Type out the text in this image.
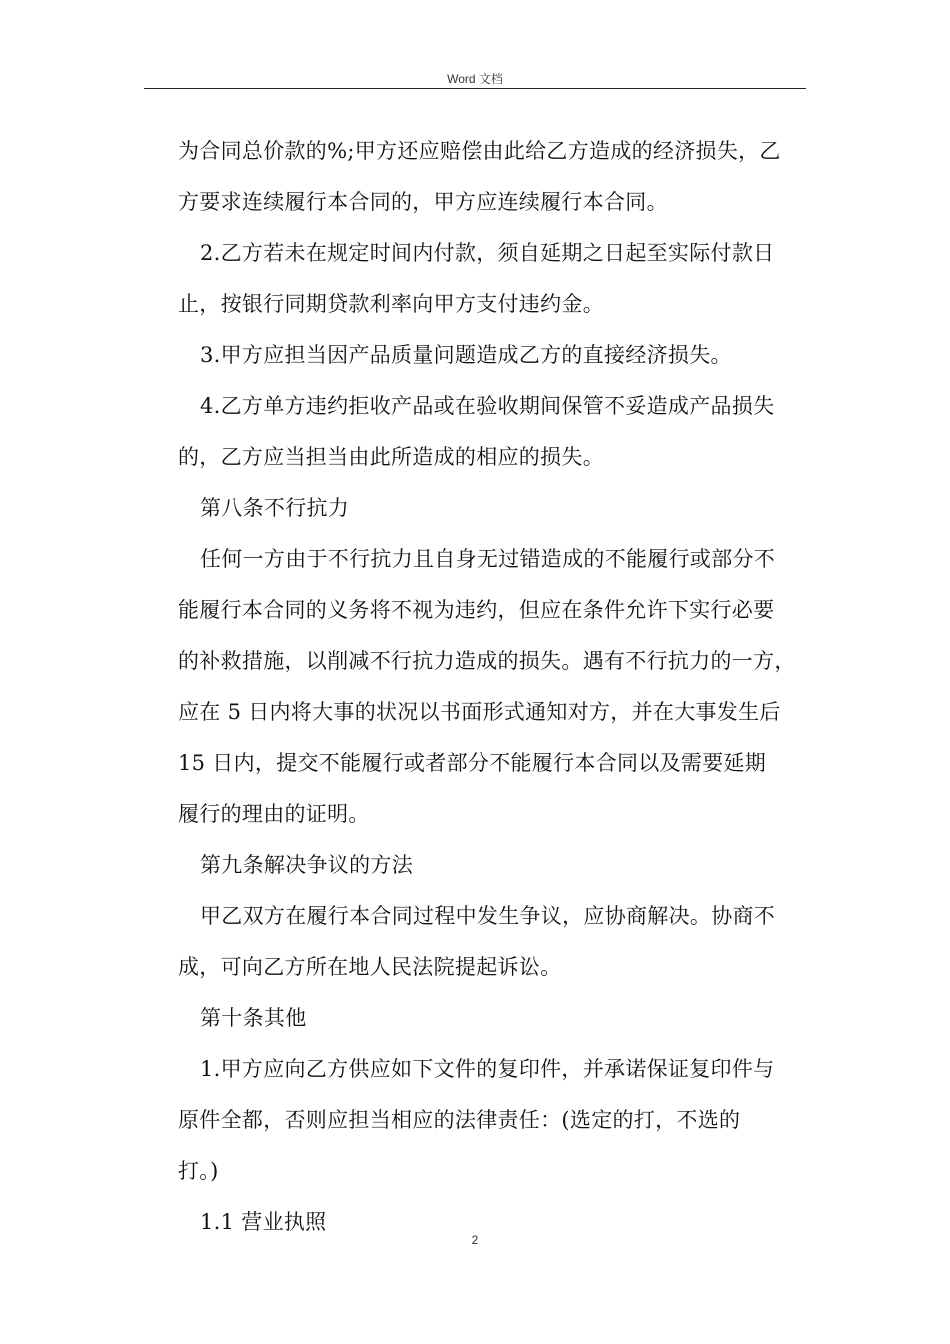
Word 文档
为合同总价款的%;甲方还应赔偿由此给乙方造成的经济损失，乙
方要求连续履行本合同的，甲方应连续履行本合同。
2.乙方若未在规定时间内付款，须自延期之日起至实际付款日
止，按银行同期贷款利率向甲方支付违约金。
3.甲方应担当因产品质量问题造成乙方的直接经济损失。
4.乙方单方违约拒收产品或在验收期间保管不妥造成产品损失
的，乙方应当担当由此所造成的相应的损失。
第八条不行抗力
任何一方由于不行抗力且自身无过错造成的不能履行或部分不
能履行本合同的义务将不视为违约，但应在条件允许下实行必要
的补救措施，以削减不行抗力造成的损失。遇有不行抗力的一方，
应在 5 日内将大事的状况以书面形式通知对方，并在大事发生后
15 日内，提交不能履行或者部分不能履行本合同以及需要延期
履行的理由的证明。
第九条解决争议的方法
甲乙双方在履行本合同过程中发生争议，应协商解决。协商不
成，可向乙方所在地人民法院提起诉讼。
第十条其他
1.甲方应向乙方供应如下文件的复印件，并承诺保证复印件与
原件全都，否则应担当相应的法律责任：(选定的打，不选的
打。)
1.1 营业执照
2
